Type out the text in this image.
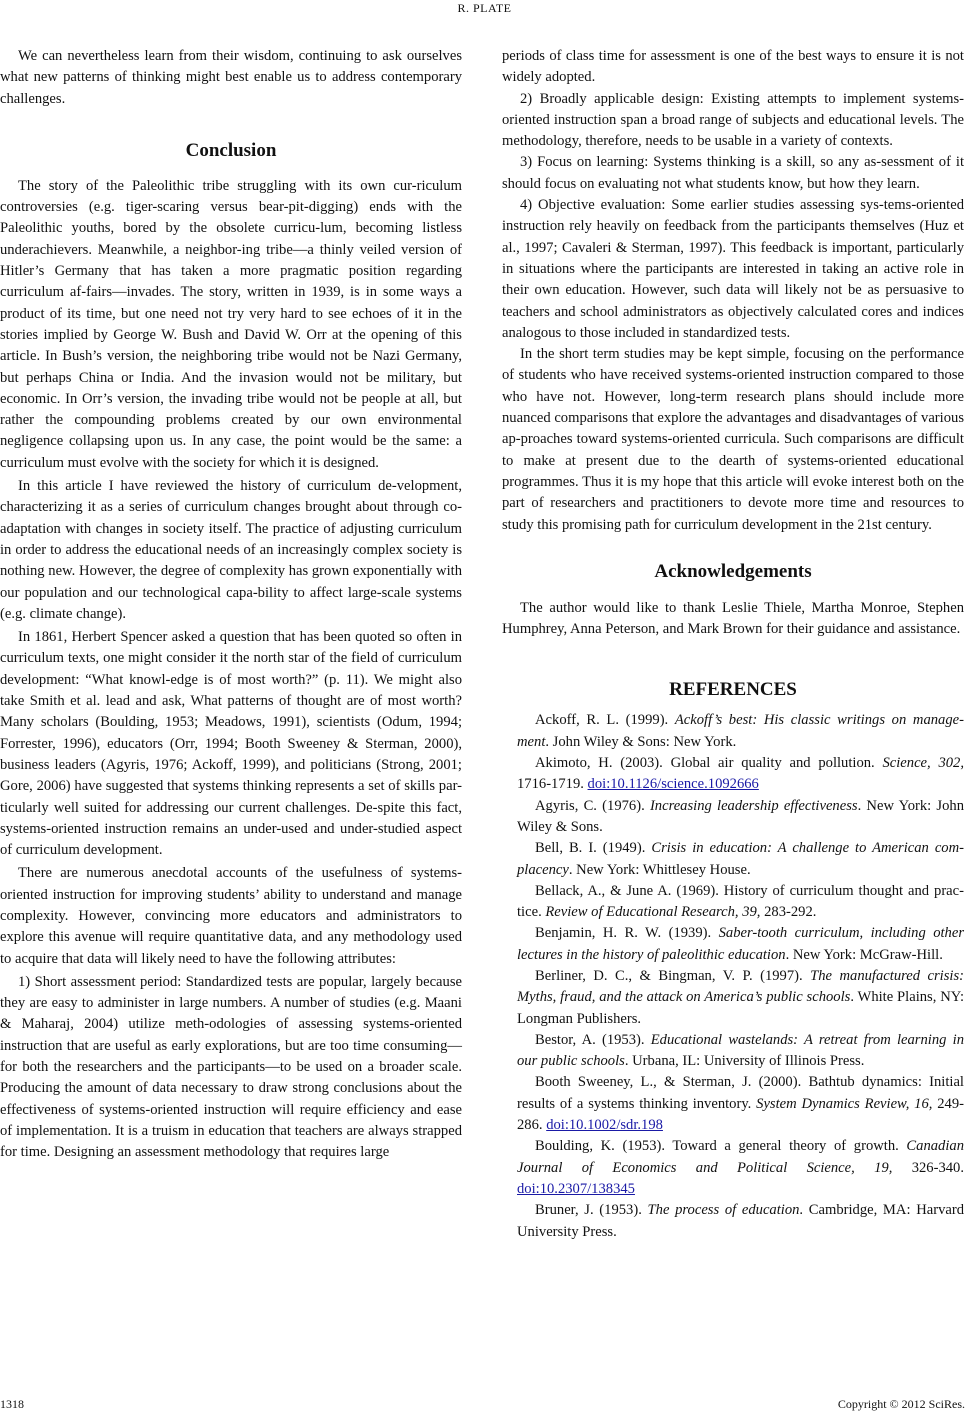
R. PLATE

We can nevertheless learn from their wisdom, continuing to ask ourselves what new patterns of thinking might best enable us to address contemporary challenges.

Conclusion

The story of the Paleolithic tribe struggling with its own cur-riculum controversies (e.g. tiger-scaring versus bear-pit-digging) ends with the Paleolithic youths, bored by the obsolete curricu-lum, becoming listless underachievers. Meanwhile, a neighbor-ing tribe—a thinly veiled version of Hitler’s Germany that has taken a more pragmatic position regarding curriculum af-fairs—invades. The story, written in 1939, is in some ways a product of its time, but one need not try very hard to see echoes of it in the stories implied by George W. Bush and David W. Orr at the opening of this article. In Bush’s version, the neighboring tribe would not be Nazi Germany, but perhaps China or India. And the invasion would not be military, but economic. In Orr’s version, the invading tribe would not be people at all, but rather the compounding problems created by our own environmental negligence collapsing upon us. In any case, the point would be the same: a curriculum must evolve with the society for which it is designed.

In this article I have reviewed the history of curriculum de-velopment, characterizing it as a series of curriculum changes brought about through co-adaptation with changes in society itself. The practice of adjusting curriculum in order to address the educational needs of an increasingly complex society is nothing new. However, the degree of complexity has grown exponentially with our population and our technological capa-bility to affect large-scale systems (e.g. climate change).

In 1861, Herbert Spencer asked a question that has been quoted so often in curriculum texts, one might consider it the north star of the field of curriculum development: “What knowl-edge is of most worth?” (p. 11). We might also take Smith et al. lead and ask, What patterns of thought are of most worth? Many scholars (Boulding, 1953; Meadows, 1991), scientists (Odum, 1994; Forrester, 1996), educators (Orr, 1994; Booth Sweeney & Sterman, 2000), business leaders (Agyris, 1976; Ackoff, 1999), and politicians (Strong, 2001; Gore, 2006) have suggested that systems thinking represents a set of skills par-ticularly well suited for addressing our current challenges. De-spite this fact, systems-oriented instruction remains an under-used and under-studied aspect of curriculum development.

There are numerous anecdotal accounts of the usefulness of systems-oriented instruction for improving students’ ability to understand and manage complexity. However, convincing more educators and administrators to explore this avenue will require quantitative data, and any methodology used to acquire that data will likely need to have the following attributes:

1) Short assessment period: Standardized tests are popular, largely because they are easy to administer in large numbers. A number of studies (e.g. Maani & Maharaj, 2004) utilize meth-odologies of assessing systems-oriented instruction that are useful as early explorations, but are too time consuming—for both the researchers and the participants—to be used on a broader scale. Producing the amount of data necessary to draw strong conclusions about the effectiveness of systems-oriented instruction will require efficiency and ease of implementation. It is a truism in education that teachers are always strapped for time. Designing an assessment methodology that requires large

periods of class time for assessment is one of the best ways to ensure it is not widely adopted.

2) Broadly applicable design: Existing attempts to implement systems-oriented instruction span a broad range of subjects and educational levels. The methodology, therefore, needs to be usable in a variety of contexts.

3) Focus on learning: Systems thinking is a skill, so any as-sessment of it should focus on evaluating not what students know, but how they learn.

4) Objective evaluation: Some earlier studies assessing sys-tems-oriented instruction rely heavily on feedback from the participants themselves (Huz et al., 1997; Cavaleri & Sterman, 1997). This feedback is important, particularly in situations where the participants are interested in taking an active role in their own education. However, such data will likely not be as persuasive to teachers and school administrators as objectively calculated cores and indices analogous to those included in standardized tests.

In the short term studies may be kept simple, focusing on the performance of students who have received systems-oriented instruction compared to those who have not. However, long-term research plans should include more nuanced comparisons that explore the advantages and disadvantages of various ap-proaches toward systems-oriented curricula. Such comparisons are difficult to make at present due to the dearth of systems-oriented educational programmes. Thus it is my hope that this article will evoke interest both on the part of researchers and practitioners to devote more time and resources to study this promising path for curriculum development in the 21st century.

Acknowledgements

The author would like to thank Leslie Thiele, Martha Monroe, Stephen Humphrey, Anna Peterson, and Mark Brown for their guidance and assistance.

REFERENCES

Ackoff, R. L. (1999). Ackoff’s best: His classic writings on manage-ment. John Wiley & Sons: New York.

Akimoto, H. (2003). Global air quality and pollution. Science, 302, 1716-1719. doi:10.1126/science.1092666

Agyris, C. (1976). Increasing leadership effectiveness. New York: John Wiley & Sons.

Bell, B. I. (1949). Crisis in education: A challenge to American com-placency. New York: Whittlesey House.

Bellack, A., & June A. (1969). History of curriculum thought and prac-tice. Review of Educational Research, 39, 283-292.

Benjamin, H. R. W. (1939). Saber-tooth curriculum, including other lectures in the history of paleolithic education. New York: McGraw-Hill.

Berliner, D. C., & Bingman, V. P. (1997). The manufactured crisis: Myths, fraud, and the attack on America’s public schools. White Plains, NY: Longman Publishers.

Bestor, A. (1953). Educational wastelands: A retreat from learning in our public schools. Urbana, IL: University of Illinois Press.

Booth Sweeney, L., & Sterman, J. (2000). Bathtub dynamics: Initial results of a systems thinking inventory. System Dynamics Review, 16, 249-286. doi:10.1002/sdr.198

Boulding, K. (1953). Toward a general theory of growth. Canadian Journal of Economics and Political Science, 19, 326-340. doi:10.2307/138345

Bruner, J. (1953). The process of education. Cambridge, MA: Harvard University Press.

1318	Copyright © 2012 SciRes.
